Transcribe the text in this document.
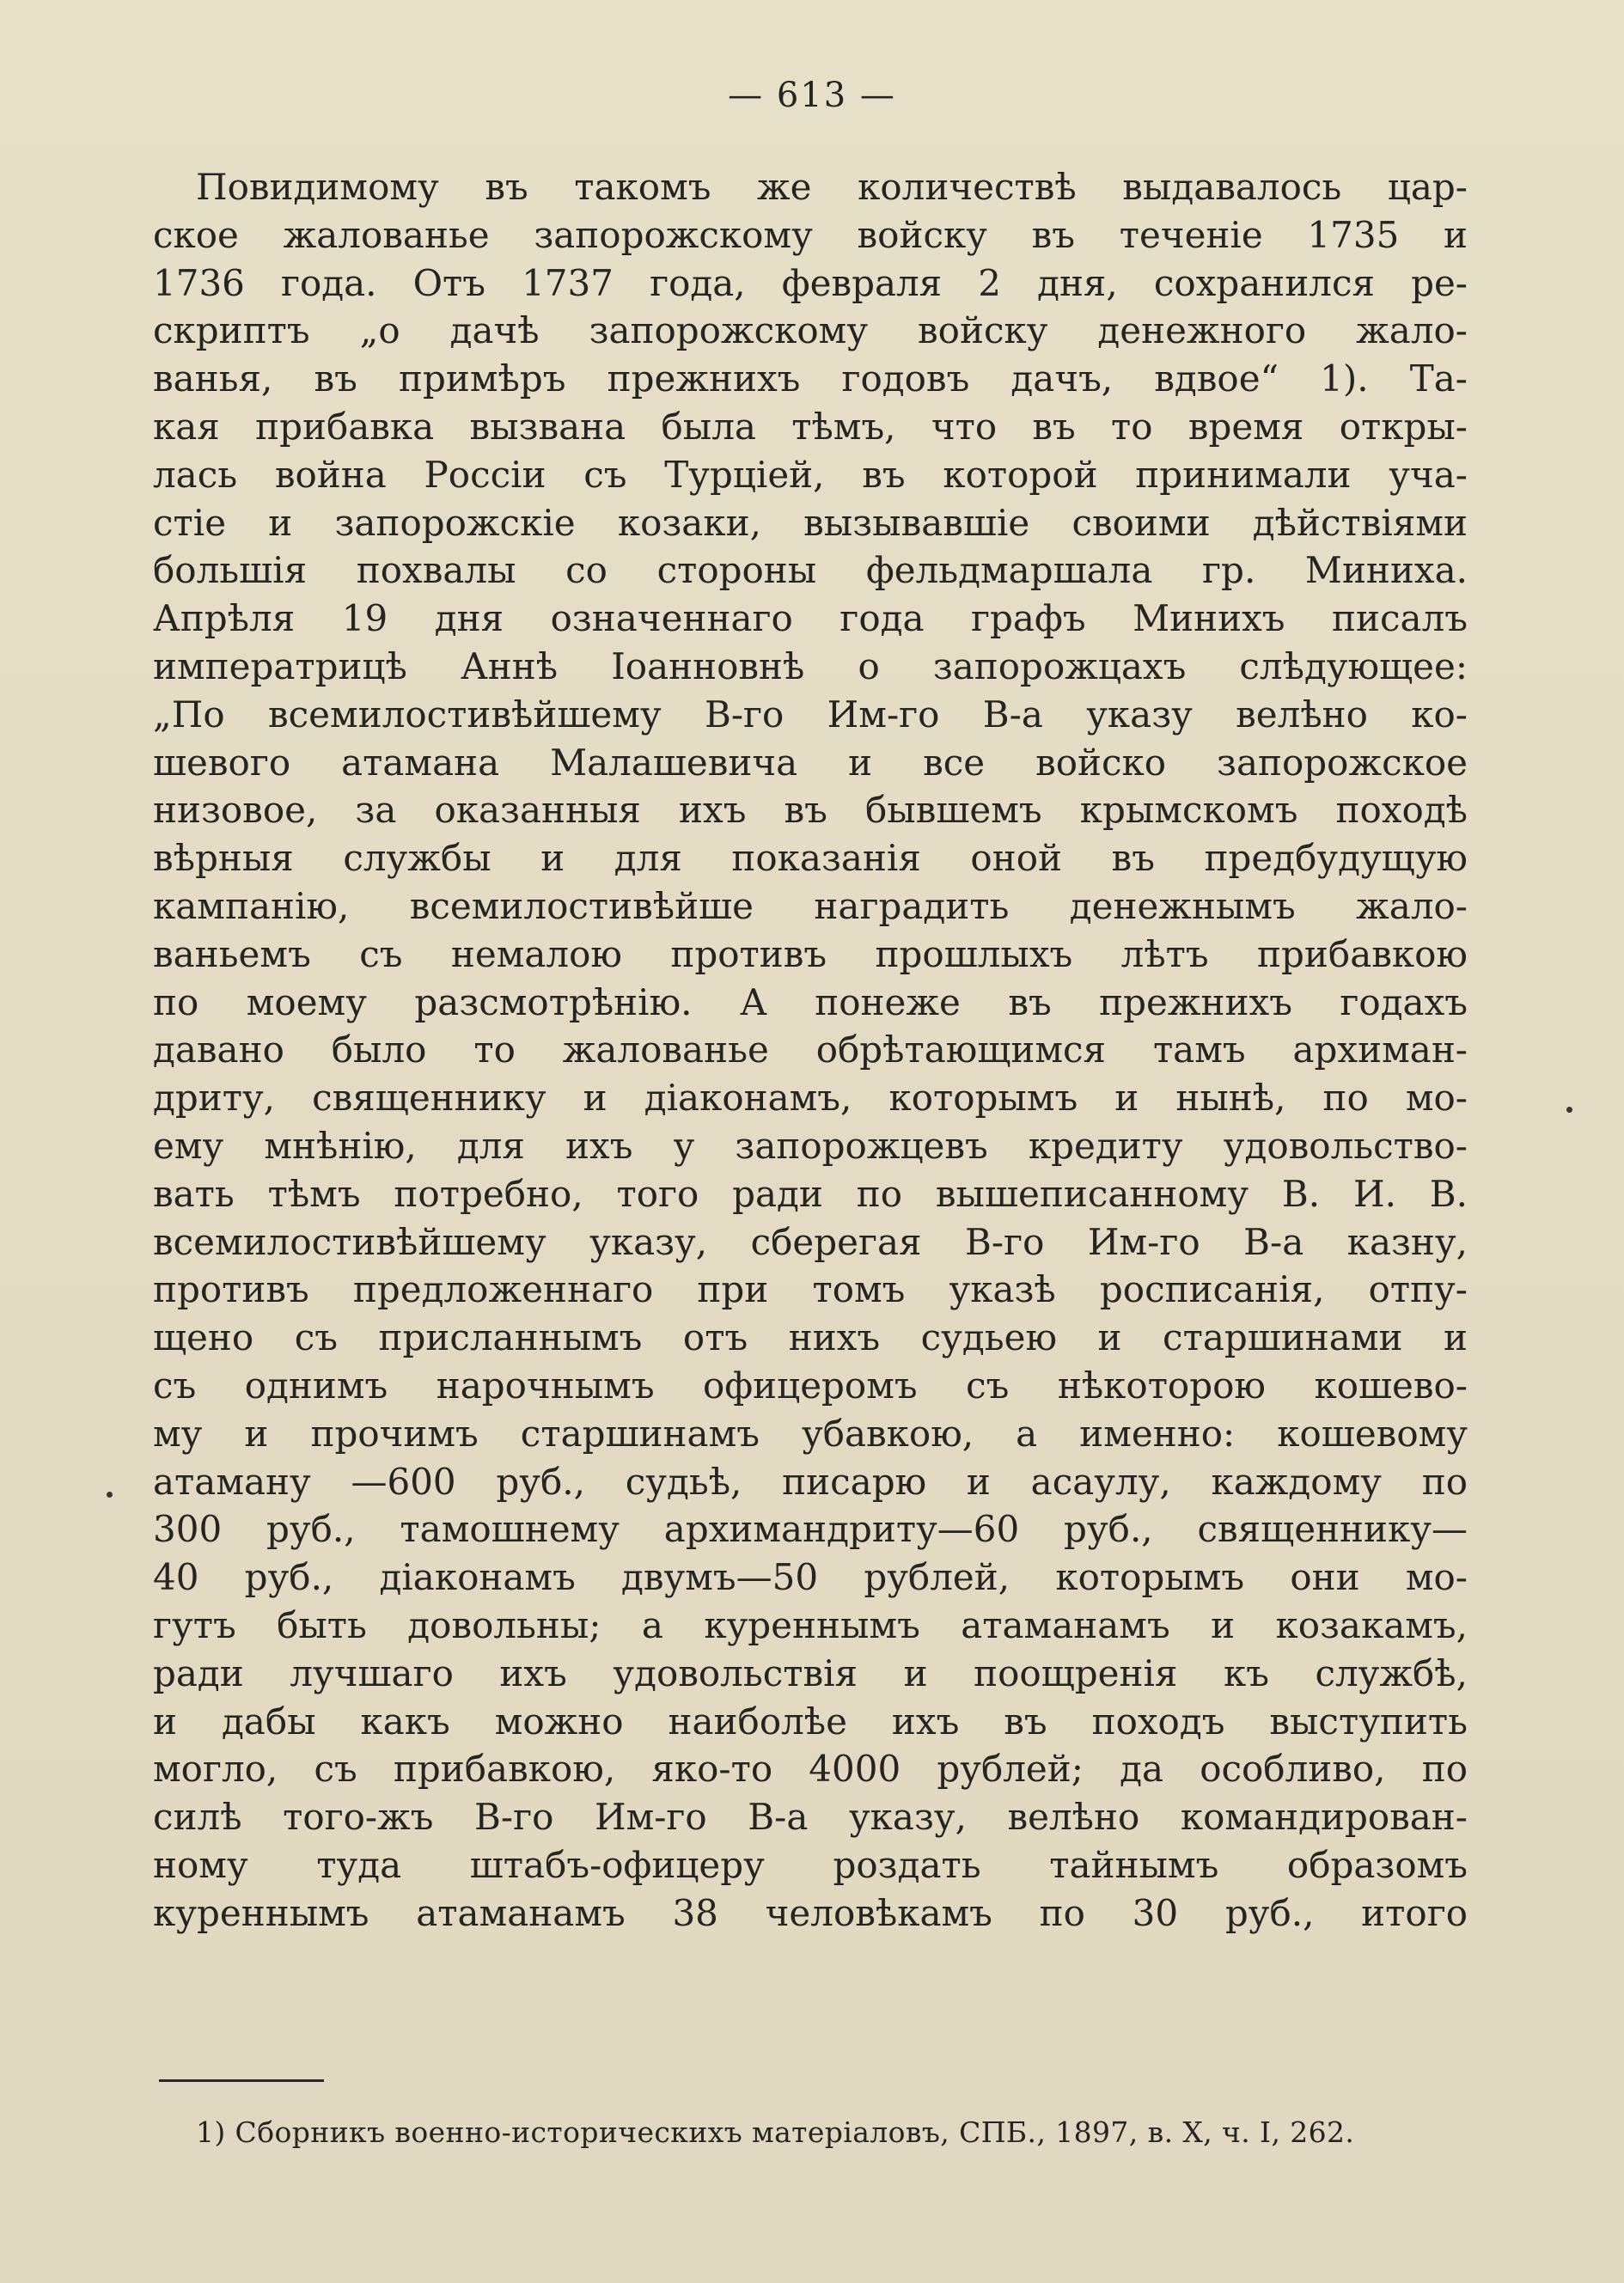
— 613 —
Повидимому въ такомъ же количествѣ выдавалось цар-
ское жалованье запорожскому войску въ теченіе 1735 и
1736 года. Отъ 1737 года, февраля 2 дня, сохранился ре-
скриптъ „о дачѣ запорожскому войску денежного жало-
ванья, въ примѣръ прежнихъ годовъ дачъ, вдвое“ 1). Та-
кая прибавка вызвана была тѣмъ, что въ то время откры-
лась война Россіи съ Турціей, въ которой принимали уча-
стіе и запорожскіе козаки, вызывавшіе своими дѣйствіями
большія похвалы со стороны фельдмаршала гр. Миниха.
Апрѣля 19 дня означеннаго года графъ Минихъ писалъ
императрицѣ Аннѣ Іоанновнѣ о запорожцахъ слѣдующее:
„По всемилостивѣйшему В-го Им-го В-а указу велѣно ко-
шевого атамана Малашевича и все войско запорожское
низовое, за оказанныя ихъ въ бывшемъ крымскомъ походѣ
вѣрныя службы и для показанія оной въ предбудущую
кампанію, всемилостивѣйше наградить денежнымъ жало-
ваньемъ съ немалою противъ прошлыхъ лѣтъ прибавкою
по моему разсмотрѣнію. А понеже въ прежнихъ годахъ
давано было то жалованье обрѣтающимся тамъ архиман-
дриту, священнику и діаконамъ, которымъ и нынѣ, по мо-
ему мнѣнію, для ихъ у запорожцевъ кредиту удовольство-
вать тѣмъ потребно, того ради по вышеписанному В. И. В.
всемилостивѣйшему указу, сберегая В-го Им-го В-а казну,
противъ предложеннаго при томъ указѣ росписанія, отпу-
щено съ присланнымъ отъ нихъ судьею и старшинами и
съ однимъ нарочнымъ офицеромъ съ нѣкоторою кошево-
му и прочимъ старшинамъ убавкою, а именно: кошевому
атаману —600 руб., судьѣ, писарю и асаулу, каждому по
300 руб., тамошнему архимандриту—60 руб., священнику—
40 руб., діаконамъ двумъ—50 рублей, которымъ они мо-
гутъ быть довольны; а куреннымъ атаманамъ и козакамъ,
ради лучшаго ихъ удовольствія и поощренія къ службѣ,
и дабы какъ можно наиболѣе ихъ въ походъ выступить
могло, съ прибавкою, яко-то 4000 рублей; да особливо, по
силѣ того-жъ В-го Им-го В-а указу, велѣно командирован-
ному туда штабъ-офицеру роздать тайнымъ образомъ
куреннымъ атаманамъ 38 человѣкамъ по 30 руб., итого
1) Сборникъ военно-историческихъ матеріаловъ, СПБ., 1897, в. X, ч. I, 262.
